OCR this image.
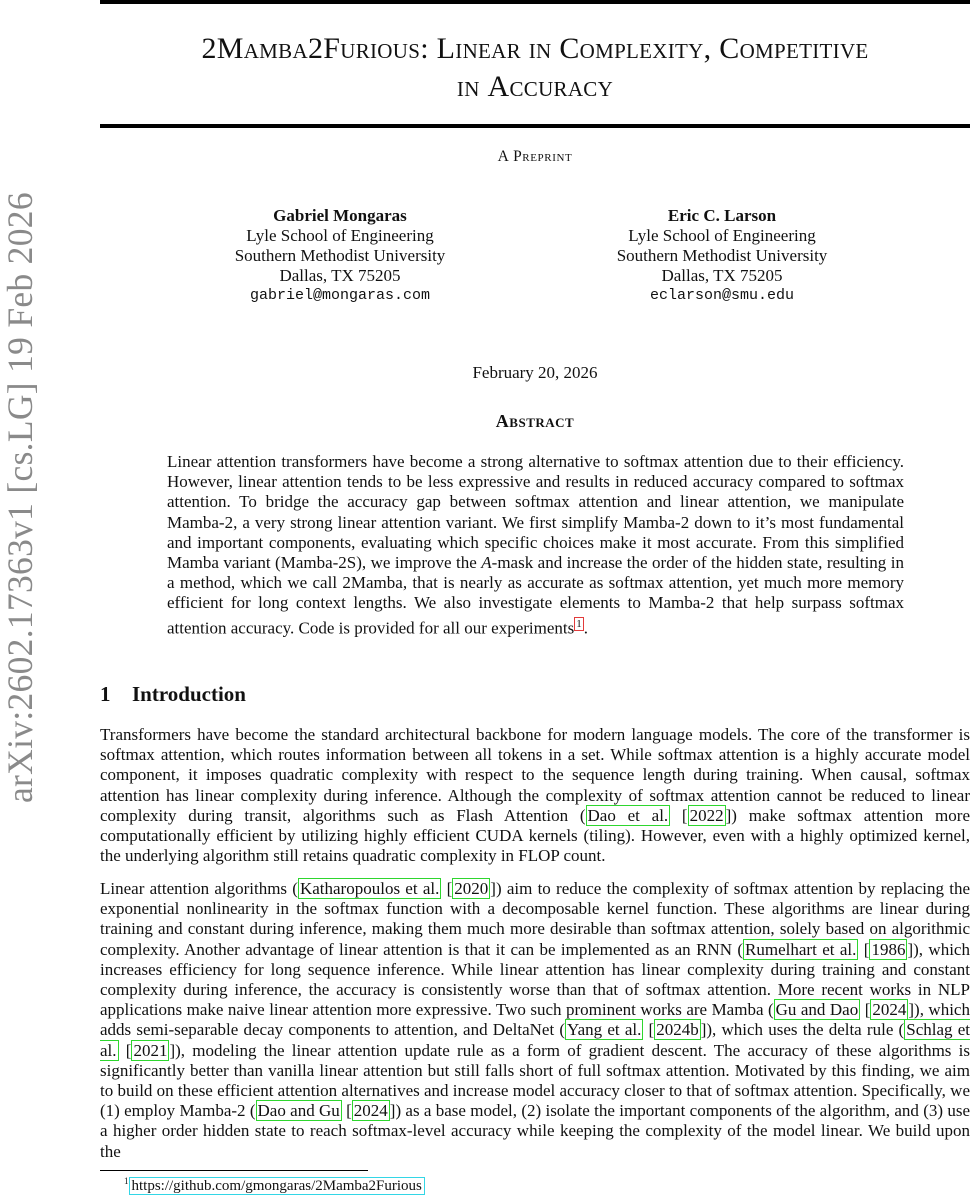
arXiv:2602.17363v1 [cs.LG] 19 Feb 2026
2Mamba2Furious: Linear in Complexity, Competitive
in Accuracy
A Preprint
Gabriel Mongaras
Lyle School of Engineering
Southern Methodist University
Dallas, TX 75205
gabriel@mongaras.com
Eric C. Larson
Lyle School of Engineering
Southern Methodist University
Dallas, TX 75205
eclarson@smu.edu
February 20, 2026
Abstract
Linear attention transformers have become a strong alternative to softmax attention due to their efficiency. However, linear attention tends to be less expressive and results in reduced accuracy compared to softmax attention. To bridge the accuracy gap between softmax attention and linear attention, we manipulate Mamba-2, a very strong linear attention variant. We first simplify Mamba-2 down to it’s most fundamental and important components, evaluating which specific choices make it most accurate. From this simplified Mamba variant (Mamba-2S), we improve the A-mask and increase the order of the hidden state, resulting in a method, which we call 2Mamba, that is nearly as accurate as softmax attention, yet much more memory efficient for long context lengths. We also investigate elements to Mamba-2 that help surpass softmax attention accuracy. Code is provided for all our experiments $^1$ .
1 Introduction
Transformers have become the standard architectural backbone for modern language models. The core of the transformer is softmax attention, which routes information between all tokens in a set. While softmax attention is a highly accurate model component, it imposes quadratic complexity with respect to the sequence length during training. When causal, softmax attention has linear complexity during inference. Although the complexity of softmax attention cannot be reduced to linear complexity during transit, algorithms such as Flash Attention ( Dao et al. [ 2022 ]) make softmax attention more computationally efficient by utilizing highly efficient CUDA kernels (tiling). However, even with a highly optimized kernel, the underlying algorithm still retains quadratic complexity in FLOP count.
Linear attention algorithms ( Katharopoulos et al. [ 2020 ]) aim to reduce the complexity of softmax attention by replacing the exponential nonlinearity in the softmax function with a decomposable kernel function. These algorithms are linear during training and constant during inference, making them much more desirable than softmax attention, solely based on algorithmic complexity. Another advantage of linear attention is that it can be implemented as an RNN ( Rumelhart et al. [ 1986 ]), which increases efficiency for long sequence inference. While linear attention has linear complexity during training and constant complexity during inference, the accuracy is consistently worse than that of softmax attention. More recent works in NLP applications make naive linear attention more expressive. Two such prominent works are Mamba ( Gu and Dao [ 2024 ]), which adds semi-separable decay components to attention, and DeltaNet ( Yang et al. [ 2024b ]), which uses the delta rule ( Schlag et al. [ 2021 ]), modeling the linear attention update rule as a form of gradient descent. The accuracy of these algorithms is significantly better than vanilla linear attention but still falls short of full softmax attention. Motivated by this finding, we aim to build on these efficient attention alternatives and increase model accuracy closer to that of softmax attention. Specifically, we (1) employ Mamba-2 ( Dao and Gu [ 2024 ]) as a base model, (2) isolate the important components of the algorithm, and (3) use a higher order hidden state to reach softmax-level accuracy while keeping the complexity of the model linear. We build upon the
$^1$ https://github.com/gmongaras/2Mamba2Furious
